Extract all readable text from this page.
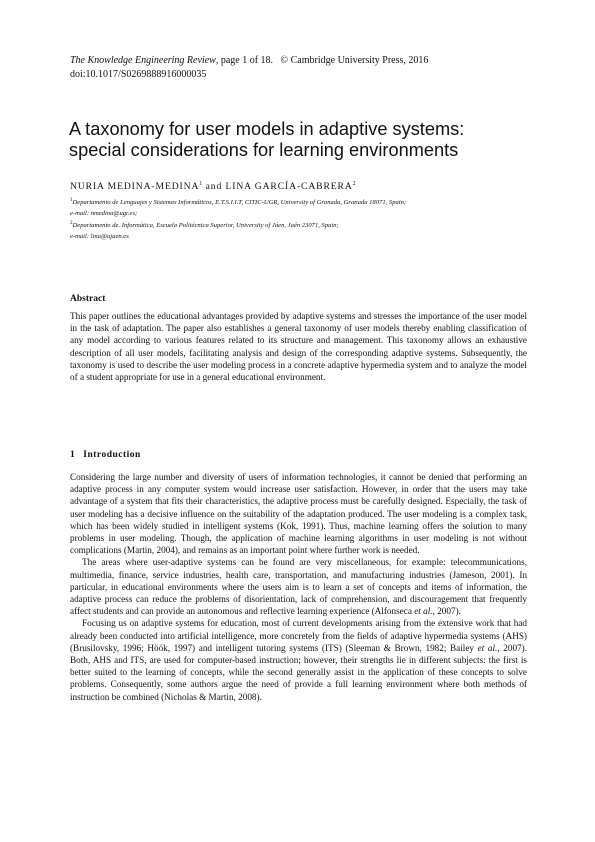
The Knowledge Engineering Review, page 1 of 18. © Cambridge University Press, 2016
doi:10.1017/S0269888916000035
A taxonomy for user models in adaptive systems:
special considerations for learning environments
NURIA MEDINA-MEDINA$^1$ and LINA GARCÍA-CABRERA$^2$
$^1$Departamento de Lenguajes y Sistemas Informáticos, E.T.S.I.I.T, CITIC-UGR, University of Granada, Granada 18071, Spain;
e-mail: nmedina@ugr.es;
$^2$Departamento de. Informática, Escuela Politécnica Superior, University of Jáen, Jaén 23071, Spain;
e-mail: lina@ujaen.es
Abstract

This paper outlines the educational advantages provided by adaptive systems and stresses the importance of the user model in the task of adaptation. The paper also establishes a general taxonomy of user models thereby enabling classification of any model according to various features related to its structure and management. This taxonomy allows an exhaustive description of all user models, facilitating analysis and design of the corresponding adaptive systems. Subsequently, the taxonomy is used to describe the user modeling process in a concrete adaptive hypermedia system and to analyze the model of a student appropriate for use in a general educational environment.

1 Introduction

Considering the large number and diversity of users of information technologies, it cannot be denied that performing an adaptive process in any computer system would increase user satisfaction. However, in order that the users may take advantage of a system that fits their characteristics, the adaptive process must be carefully designed. Especially, the task of user modeling has a decisive influence on the suitability of the adaptation produced. The user modeling is a complex task, which has been widely studied in intelligent systems (Kok, 1991). Thus, machine learning offers the solution to many problems in user modeling. Though, the application of machine learning algorithms in user modeling is not without complications (Martin, 2004), and remains as an important point where further work is needed.

The areas where user-adaptive systems can be found are very miscellaneous, for example: telecommunications, multimedia, finance, service industries, health care, transportation, and manufacturing industries (Jameson, 2001). In particular, in educational environments where the users aim is to learn a set of concepts and items of information, the adaptive process can reduce the problems of disorientation, lack of comprehension, and discouragement that frequently affect students and can provide an autonomous and reflective learning experience (Alfonseca et al., 2007).

Focusing us on adaptive systems for education, most of current developments arising from the extensive work that had already been conducted into artificial intelligence, more concretely from the fields of adaptive hypermedia systems (AHS) (Brusilovsky, 1996; Höök, 1997) and intelligent tutoring systems (ITS) (Sleeman & Brown, 1982; Bailey et al., 2007). Both, AHS and ITS, are used for computer-based instruction; however, their strengths lie in different subjects: the first is better suited to the learning of concepts, while the second generally assist in the application of these concepts to solve problems. Consequently, some authors argue the need of provide a full learning environment where both methods of instruction be combined (Nicholas & Martin, 2008).
